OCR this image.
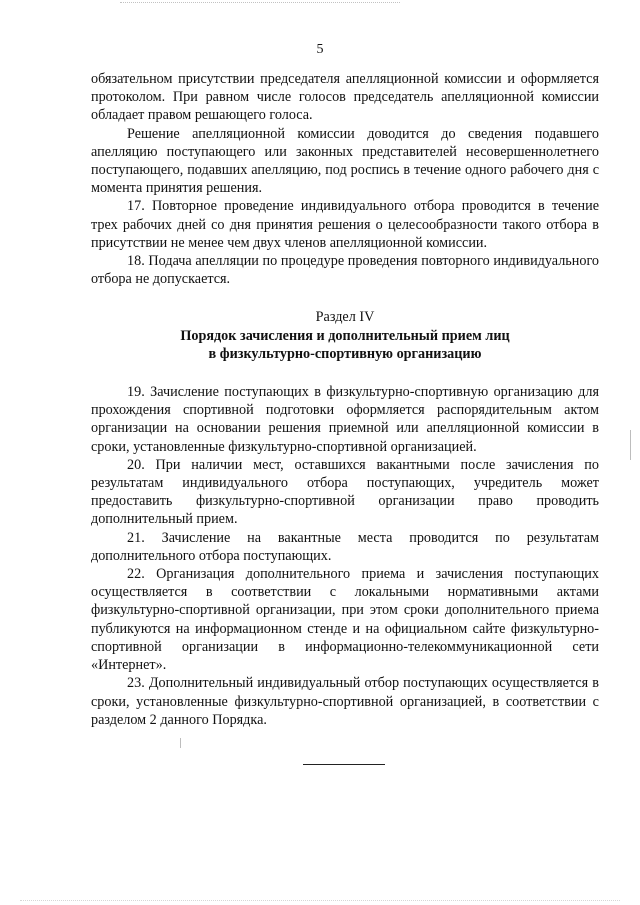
5

обязательном присутствии председателя апелляционной комиссии и оформляется протоколом. При равном числе голосов председатель апелляционной комиссии обладает правом решающего голоса.

Решение апелляционной комиссии доводится до сведения подавшего апелляцию поступающего или законных представителей несовершеннолетнего поступающего, подавших апелляцию, под роспись в течение одного рабочего дня с момента принятия решения.

17. Повторное проведение индивидуального отбора проводится в течение трех рабочих дней со дня принятия решения о целесообразности такого отбора в присутствии не менее чем двух членов апелляционной комиссии.

18. Подача апелляции по процедуре проведения повторного индивидуального отбора не допускается.

Раздел IV

Порядок зачисления и дополнительный прием лиц
в физкультурно-спортивную организацию

19. Зачисление поступающих в физкультурно-спортивную организацию для прохождения спортивной подготовки оформляется распорядительным актом организации на основании решения приемной или апелляционной комиссии в сроки, установленные физкультурно-спортивной организацией.

20. При наличии мест, оставшихся вакантными после зачисления по результатам индивидуального отбора поступающих, учредитель может предоставить физкультурно-спортивной организации право проводить дополнительный прием.

21. Зачисление на вакантные места проводится по результатам дополнительного отбора поступающих.

22. Организация дополнительного приема и зачисления поступающих осуществляется в соответствии с локальными нормативными актами физкультурно-спортивной организации, при этом сроки дополнительного приема публикуются на информационном стенде и на официальном сайте физкультурно-спортивной организации в информационно-телекоммуникационной сети «Интернет».

23. Дополнительный индивидуальный отбор поступающих осуществляется в сроки, установленные физкультурно-спортивной организацией, в соответствии с разделом 2 данного Порядка.
